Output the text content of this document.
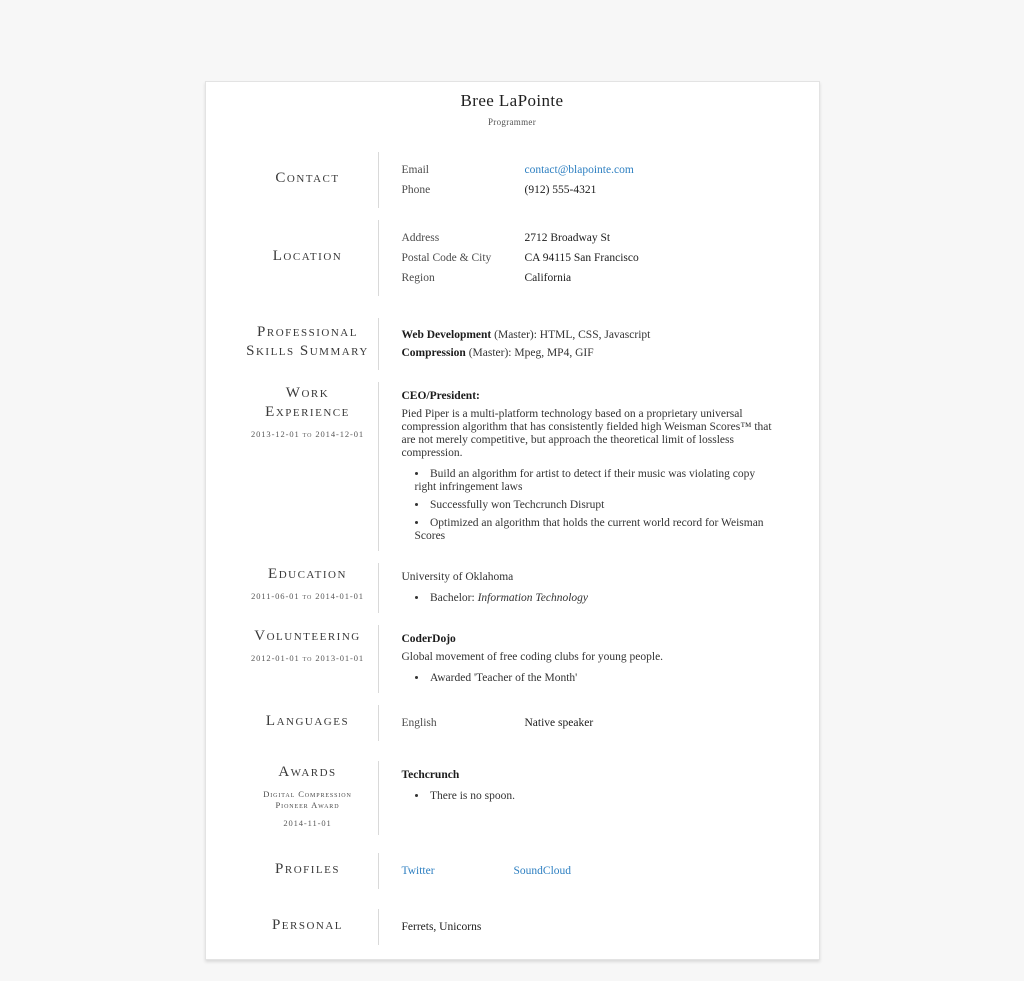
Bree LaPointe
Programmer
Contact	Email	contact@blapointe.com
Phone	(912) 555-4321
Location
Address	2712 Broadway St
Postal Code & City	CA 94115 San Francisco
Region	California
Professional Skills Summary
Web Development (Master): HTML, CSS, Javascript
Compression (Master): Mpeg, MP4, GIF
Work Experience
2013-12-01 to 2014-12-01
CEO/President:
Pied Piper is a multi-platform technology based on a proprietary universal compression algorithm that has consistently fielded high Weisman Scores™ that are not merely competitive, but approach the theoretical limit of lossless compression.
• Build an algorithm for artist to detect if their music was violating copy right infringement laws
• Successfully won Techcrunch Disrupt
• Optimized an algorithm that holds the current world record for Weisman Scores
Education
2011-06-01 to 2014-01-01
University of Oklahoma
• Bachelor: Information Technology
Volunteering
2012-01-01 to 2013-01-01
CoderDojo
Global movement of free coding clubs for young people.
• Awarded 'Teacher of the Month'
Languages	English	Native speaker
Awards
Digital Compression Pioneer Award
2014-11-01
Techcrunch
• There is no spoon.
Profiles	Twitter	SoundCloud
Personal	Ferrets, Unicorns
